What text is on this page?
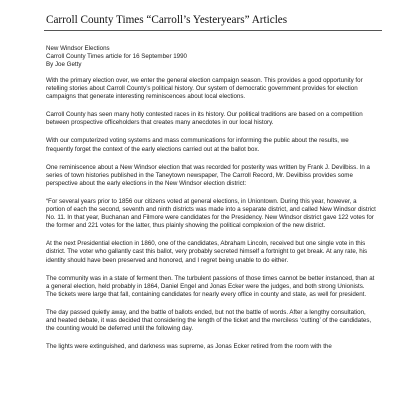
Carroll County Times “Carroll’s Yesteryears” Articles
New Windsor Elections
Carroll County Times article for 16 September 1990
By Joe Getty

With the primary election over, we enter the general election campaign season. This provides a good opportunity for retelling stories about Carroll County’s political history. Our system of democratic government provides for election campaigns that generate interesting reminiscences about local elections.

Carroll County has seen many hotly contested races in its history. Our political traditions are based on a competition between prospective officeholders that creates many anecdotes in our local history.

With our computerized voting systems and mass communications for informing the public about the results, we frequently forget the context of the early elections carried out at the ballot box.

One reminiscence about a New Windsor election that was recorded for posterity was written by Frank J. Devilbiss. In a series of town histories published in the Taneytown newspaper, The Carroll Record, Mr. Devilbiss provides some perspective about the early elections in the New Windsor election district:

“For several years prior to 1856 our citizens voted at general elections, in Uniontown. During this year, however, a portion of each the second, seventh and ninth districts was made into a separate district, and called New Windsor district No. 11. In that year, Buchanan and Filmore were candidates for the Presidency. New Windsor district gave 122 votes for the former and 221 votes for the latter, thus plainly showing the political complexion of the new district.

At the next Presidential election in 1860, one of the candidates, Abraham Lincoln, received but one single vote in this district. The voter who gallantly cast this ballot, very probably secreted himself a fortnight to get break. At any rate, his identity should have been preserved and honored, and I regret being unable to do either.

The community was in a state of ferment then. The turbulent passions of those times cannot be better instanced, than at a general election, held probably in 1864, Daniel Engel and Jonas Ecker were the judges, and both strong Unionists. The tickets were large that fall, containing candidates for nearly every office in county and state, as well for president.

The day passed quietly away, and the battle of ballots ended, but not the battle of words. After a lengthy consultation, and heated debate, it was decided that considering the length of the ticket and the merciless ‘cutting’ of the candidates, the counting would be deferred until the following day.

The lights were extinguished, and darkness was supreme, as Jonas Ecker retired from the room with the
